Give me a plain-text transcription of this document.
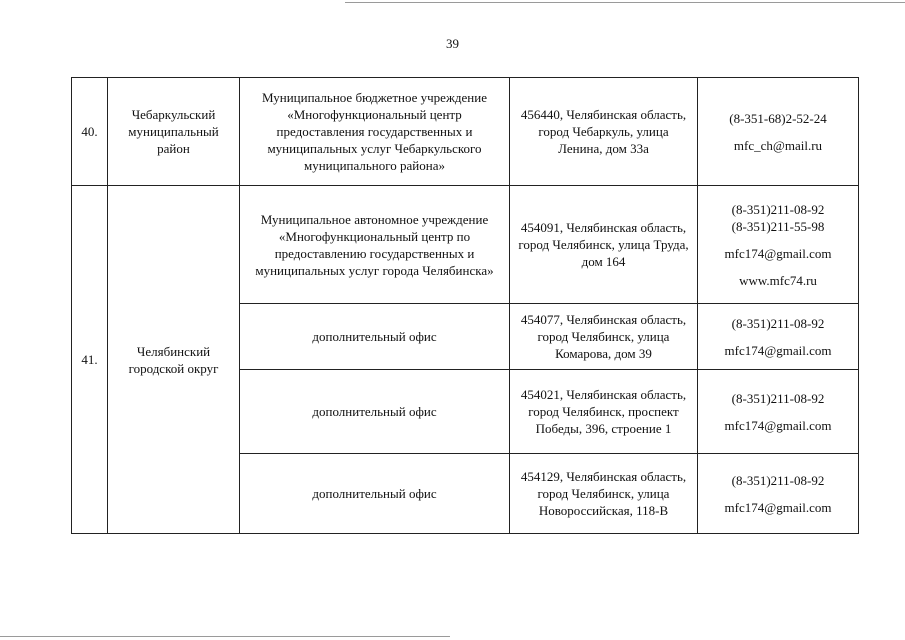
39
40.	Чебаркульский муниципальный район	Муниципальное бюджетное учреждение «Многофункциональный центр предоставления государственных и муниципальных услуг Чебаркульского муниципального района»	456440, Челябинская область, город Чебаркуль, улица Ленина, дом 33а	(8-351-68)2-52-24
mfc_ch@mail.ru

41.	Челябинский городской округ	Муниципальное автономное учреждение «Многофункциональный центр по предоставлению государственных и муниципальных услуг города Челябинска»	454091, Челябинская область, город Челябинск, улица Труда, дом 164	(8-351)211-08-92
(8-351)211-55-98
mfc174@gmail.com
www.mfc74.ru

		дополнительный офис	454077, Челябинская область, город Челябинск, улица Комарова, дом 39	(8-351)211-08-92
mfc174@gmail.com

		дополнительный офис	454021, Челябинская область, город Челябинск, проспект Победы, 396, строение 1	(8-351)211-08-92
mfc174@gmail.com

		дополнительный офис	454129, Челябинская область, город Челябинск, улица Новороссийская, 118-В	(8-351)211-08-92
mfc174@gmail.com
